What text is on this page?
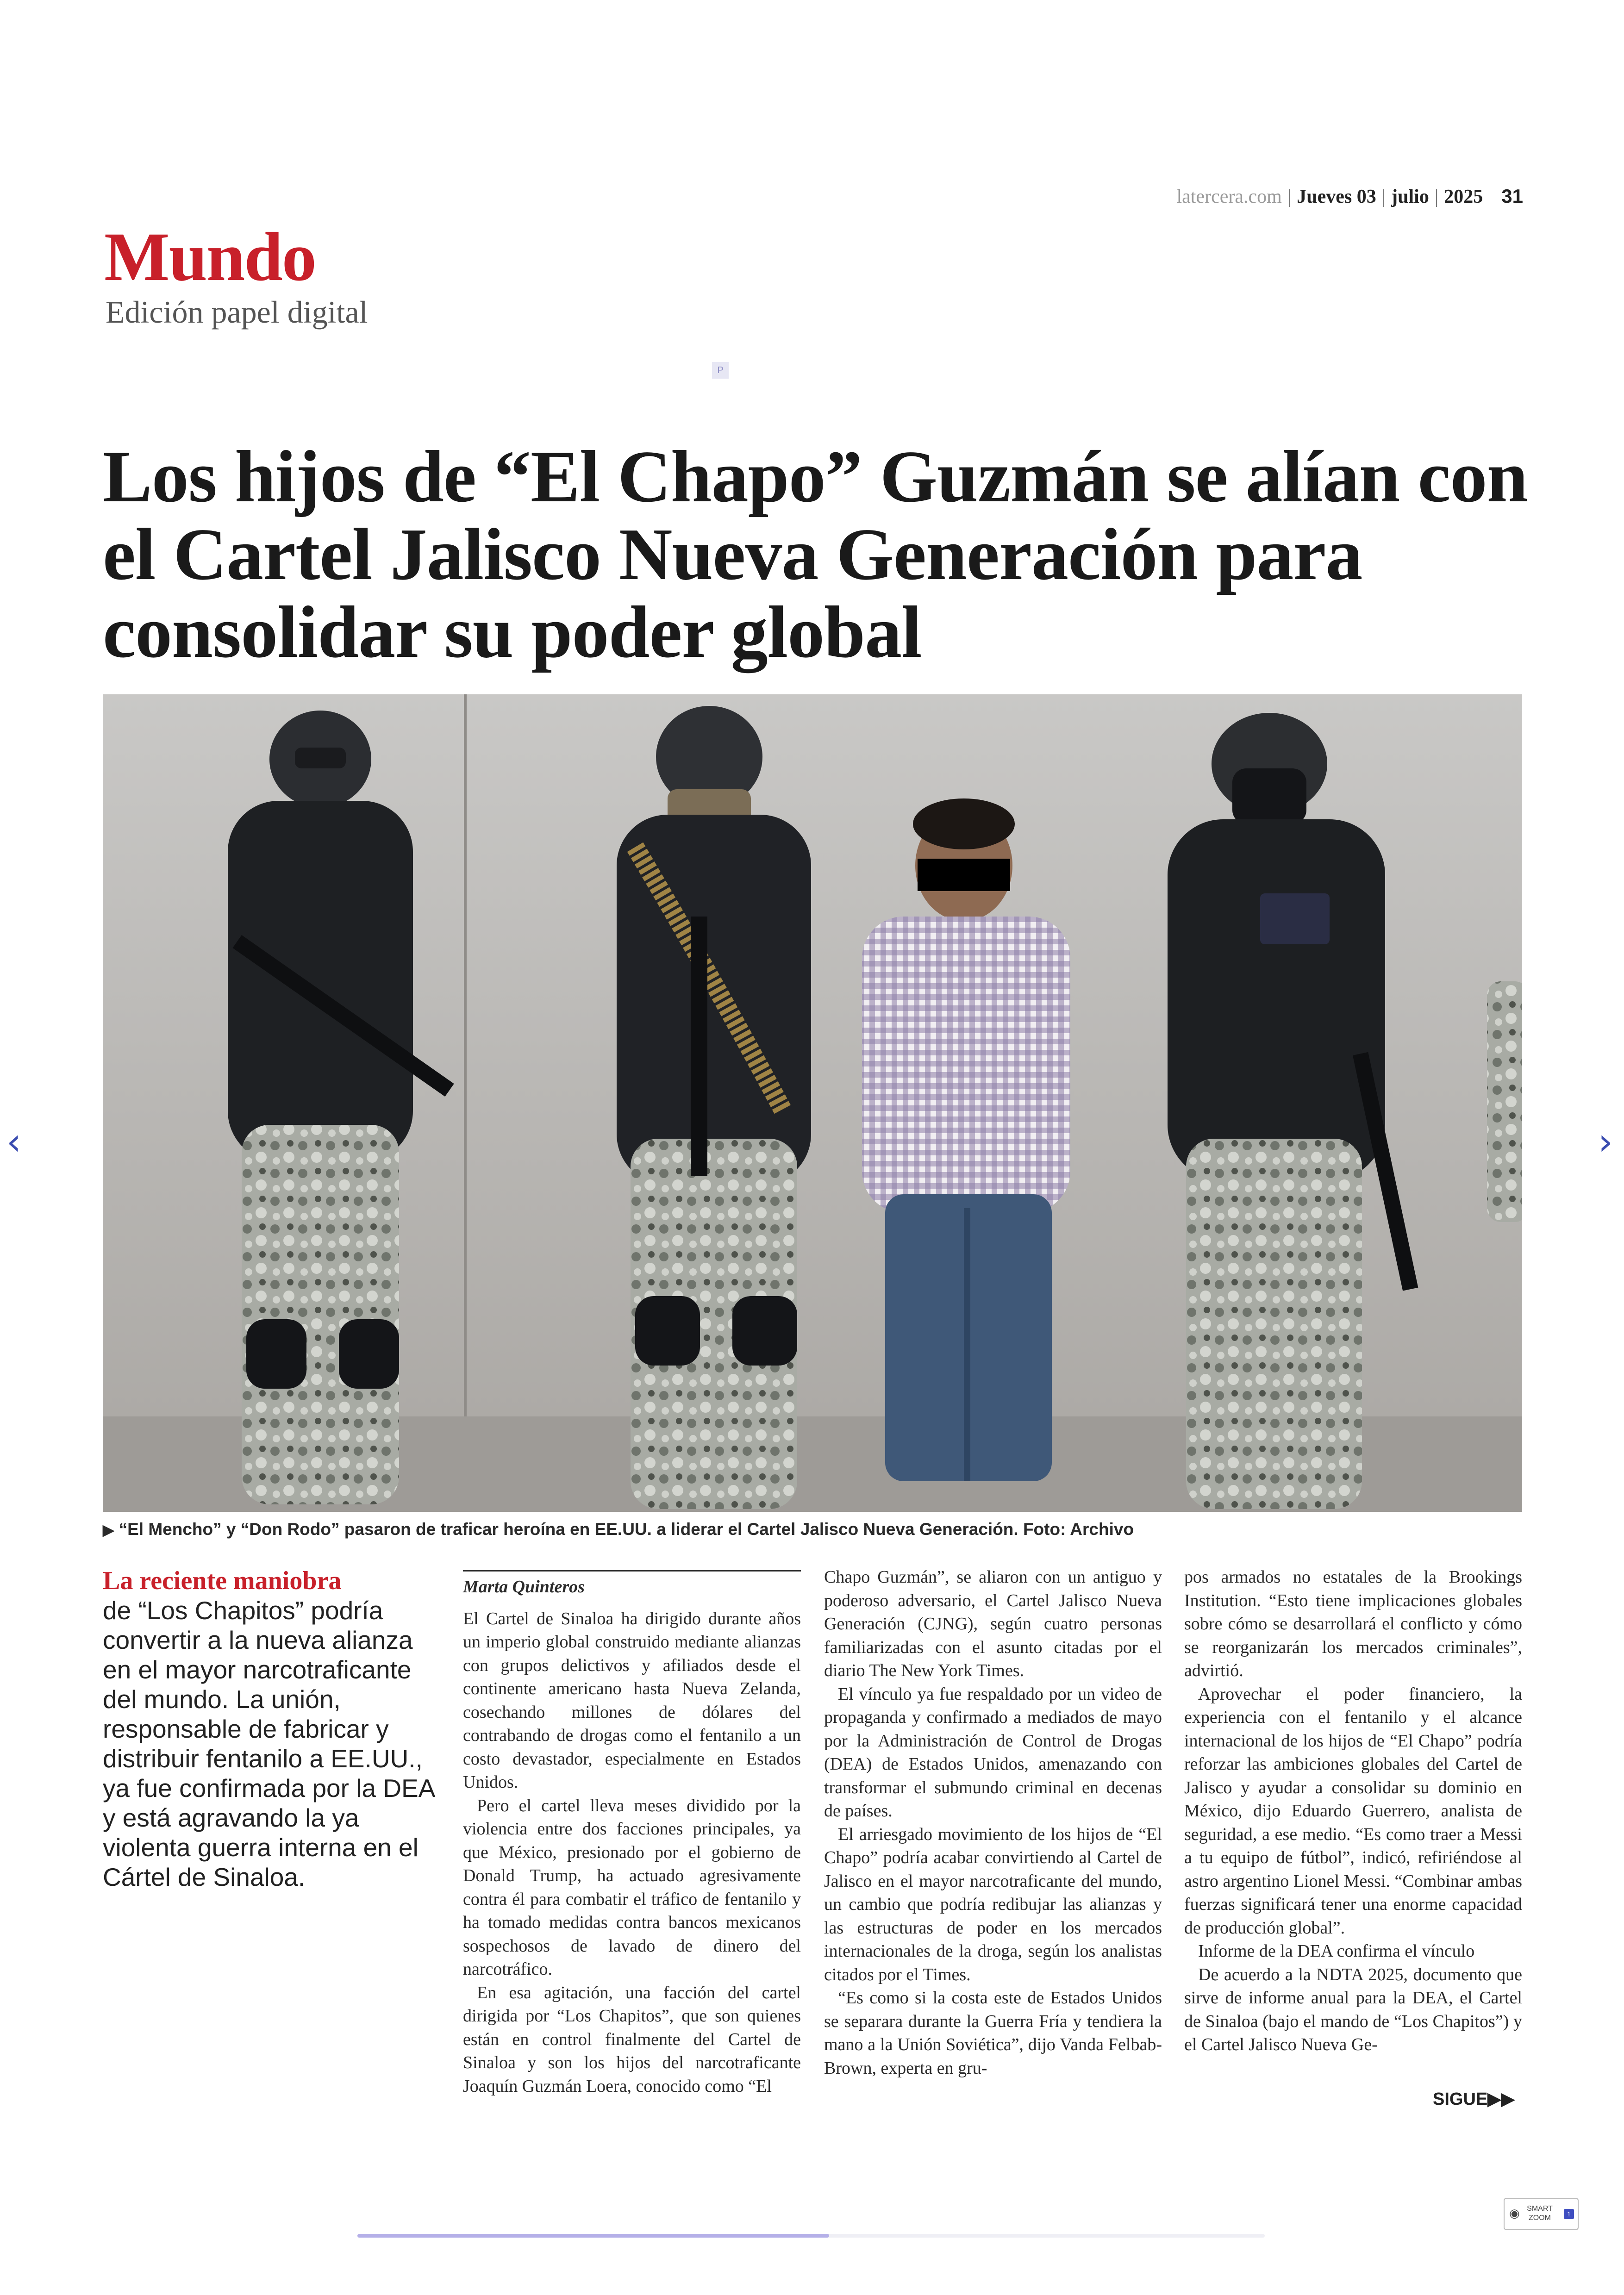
latercera.com | Jueves 03 | julio | 2025 31
Mundo
Edición papel digital
P
Los hijos de “El Chapo” Guzmán se alían con el Cartel Jalisco Nueva Generación para consolidar su poder global
▶ “El Mencho” y “Don Rodo” pasaron de traficar heroína en EE.UU. a liderar el Cartel Jalisco Nueva Generación. Foto: Archivo
La reciente maniobra
de “Los Chapitos” podría convertir a la nueva alianza en el mayor narcotraficante del mundo. La unión, responsable de fabricar y distribuir fentanilo a EE.UU., ya fue confirmada por la DEA y está agravando la ya violenta guerra interna en el Cártel de Sinaloa.
Marta Quinteros

El Cartel de Sinaloa ha dirigido durante años un imperio global construido mediante alianzas con grupos delictivos y afiliados desde el continente americano hasta Nueva Zelanda, cosechando millones de dólares del contrabando de drogas como el fentanilo a un costo devastador, especialmente en Estados Unidos.

Pero el cartel lleva meses dividido por la violencia entre dos facciones principales, ya que México, presionado por el gobierno de Donald Trump, ha actuado agresivamente contra él para combatir el tráfico de fentanilo y ha tomado medidas contra bancos mexicanos sospechosos de lavado de dinero del narcotráfico.

En esa agitación, una facción del cartel dirigida por “Los Chapitos”, que son quienes están en control finalmente del Cartel de Sinaloa y son los hijos del narcotraficante Joaquín Guzmán Loera, conocido como “El

Chapo Guzmán”, se aliaron con un antiguo y poderoso adversario, el Cartel Jalisco Nueva Generación (CJNG), según cuatro personas familiarizadas con el asunto citadas por el diario The New York Times.

El vínculo ya fue respaldado por un video de propaganda y confirmado a mediados de mayo por la Administración de Control de Drogas (DEA) de Estados Unidos, amenazando con transformar el submundo criminal en decenas de países.

El arriesgado movimiento de los hijos de “El Chapo” podría acabar convirtiendo al Cartel de Jalisco en el mayor narcotraficante del mundo, un cambio que podría redibujar las alianzas y las estructuras de poder en los mercados internacionales de la droga, según los analistas citados por el Times.

“Es como si la costa este de Estados Unidos se separara durante la Guerra Fría y tendiera la mano a la Unión Soviética”, dijo Vanda Felbab-Brown, experta en gru-

pos armados no estatales de la Brookings Institution. “Esto tiene implicaciones globales sobre cómo se desarrollará el conflicto y cómo se reorganizarán los mercados criminales”, advirtió.

Aprovechar el poder financiero, la experiencia con el fentanilo y el alcance internacional de los hijos de “El Chapo” podría reforzar las ambiciones globales del Cartel de Jalisco y ayudar a consolidar su dominio en México, dijo Eduardo Guerrero, analista de seguridad, a ese medio. “Es como traer a Messi a tu equipo de fútbol”, indicó, refiriéndose al astro argentino Lionel Messi. “Combinar ambas fuerzas significará tener una enorme capacidad de producción global”.

Informe de la DEA confirma el vínculo

De acuerdo a la NDTA 2025, documento que sirve de informe anual para la DEA, el Cartel de Sinaloa (bajo el mando de “Los Chapitos”) y el Cartel Jalisco Nueva Ge-

SIGUE▶▶
‹	›
◉ SMART ZOOM	1
